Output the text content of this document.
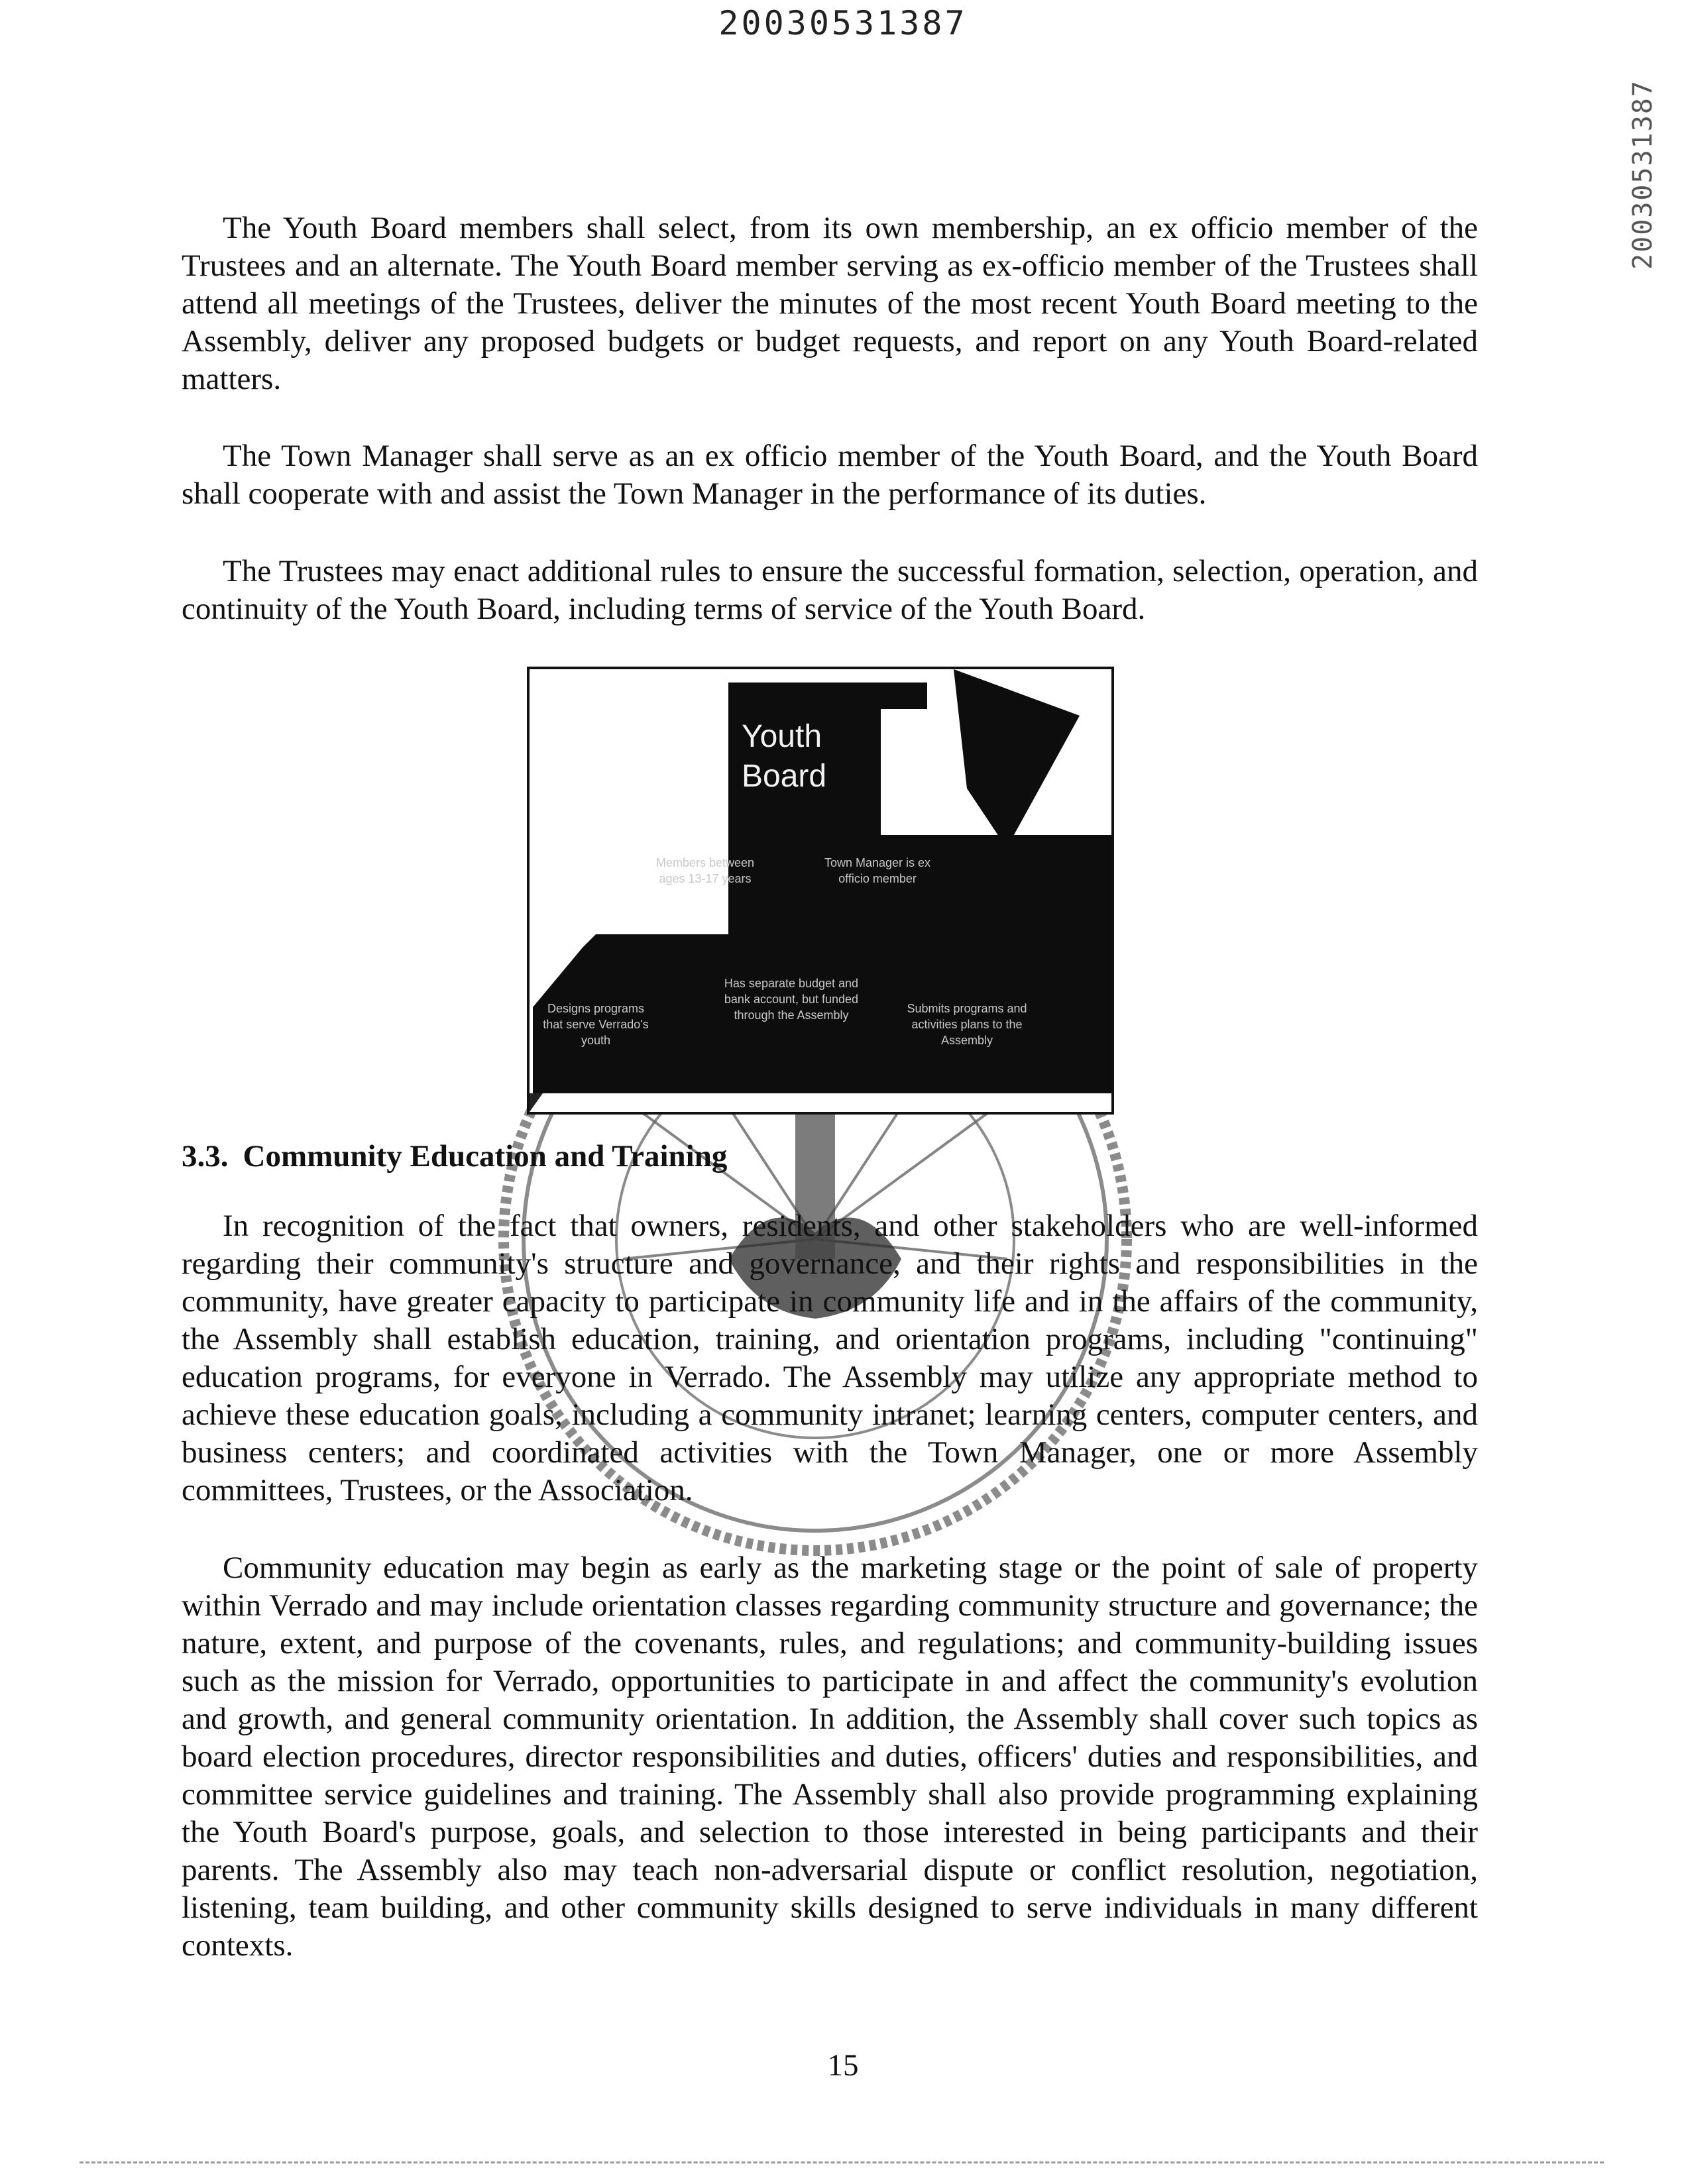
20030531387
20030531387

The Youth Board members shall select, from its own membership, an ex officio member of the Trustees and an alternate. The Youth Board member serving as ex-officio member of the Trustees shall attend all meetings of the Trustees, deliver the minutes of the most recent Youth Board meeting to the Assembly, deliver any proposed budgets or budget requests, and report on any Youth Board-related matters.

The Town Manager shall serve as an ex officio member of the Youth Board, and the Youth Board shall cooperate with and assist the Town Manager in the performance of its duties.

The Trustees may enact additional rules to ensure the successful formation, selection, operation, and continuity of the Youth Board, including terms of service of the Youth Board.

Youth
Board
Members between ages 13-17 years
Town Manager is ex officio member
Has separate budget and bank account, but funded through the Assembly
Designs programs that serve Verrado's youth
Submits programs and activities plans to the Assembly
3.3. Community Education and Training

In recognition of the fact that owners, residents, and other stakeholders who are well-informed regarding their community's structure and governance, and their rights and responsibilities in the community, have greater capacity to participate in community life and in the affairs of the community, the Assembly shall establish education, training, and orientation programs, including "continuing" education programs, for everyone in Verrado. The Assembly may utilize any appropriate method to achieve these education goals, including a community intranet; learning centers, computer centers, and business centers; and coordinated activities with the Town Manager, one or more Assembly committees, Trustees, or the Association.

Community education may begin as early as the marketing stage or the point of sale of property within Verrado and may include orientation classes regarding community structure and governance; the nature, extent, and purpose of the covenants, rules, and regulations; and community-building issues such as the mission for Verrado, opportunities to participate in and affect the community's evolution and growth, and general community orientation. In addition, the Assembly shall cover such topics as board election procedures, director responsibilities and duties, officers' duties and responsibilities, and committee service guidelines and training. The Assembly shall also provide programming explaining the Youth Board's purpose, goals, and selection to those interested in being participants and their parents. The Assembly also may teach non-adversarial dispute or conflict resolution, negotiation, listening, team building, and other community skills designed to serve individuals in many different contexts.

15
